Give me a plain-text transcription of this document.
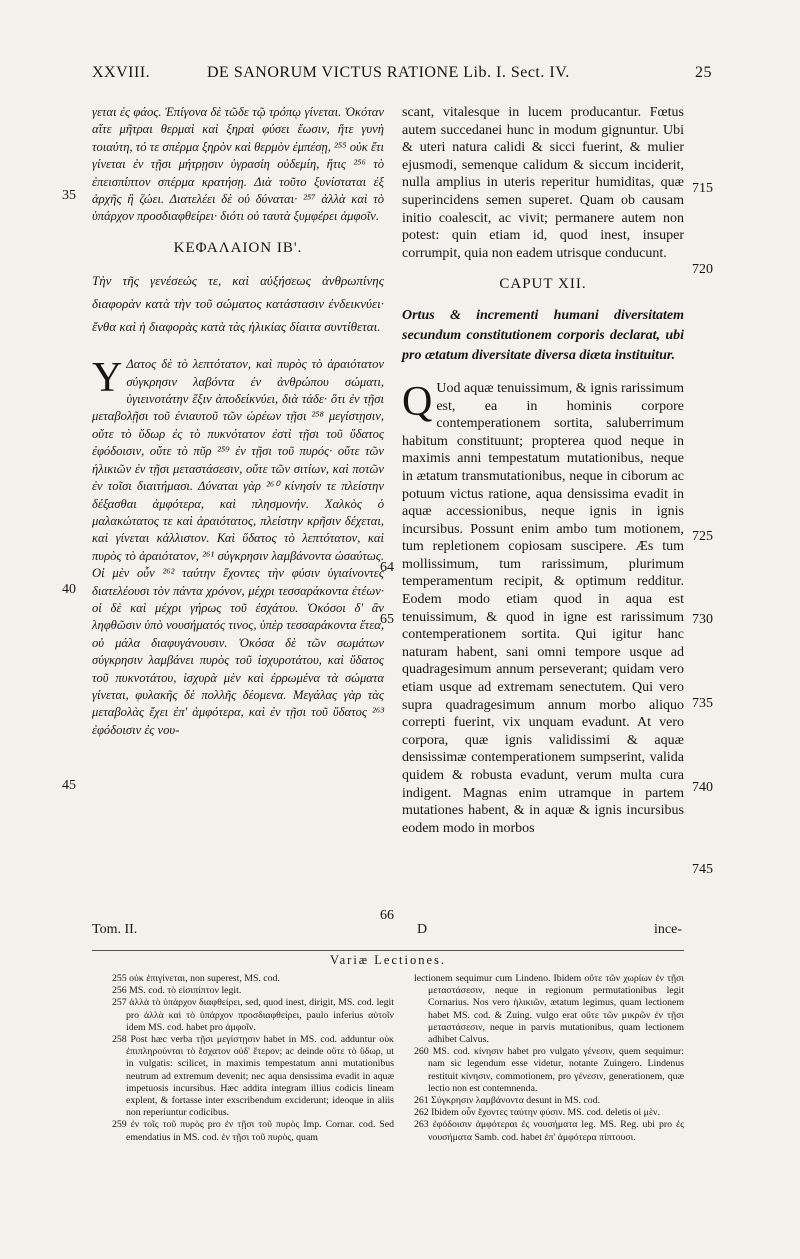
XXVIII.	DE SANORUM VICTUS RATIONE Lib. I. Sect. IV.	25

γεται ἐς φάος. Ἐπίγονα δὲ τῶδε τῷ τρόπῳ γίνεται. Ὁκόταν αἵτε μῆτραι θερμαὶ καὶ ξηραὶ φύσει ἔωσιν, ἥτε γυνὴ τοιαύτη, τό τε σπέρμα ξηρὸν καὶ θερμὸν ἐμπέσῃ, ²⁵⁵ οὐκ ἔτι γίνεται ἐν τῇσι μήτρῃσιν ὑγρασίη οὐδεμίη, ἥτις ²⁵⁶ τὸ ἐπεισπίπτον σπέρμα κρατήσῃ. Διὰ τοῦτο ξυνίσταται ἐξ ἀρχῆς ἢ ζώει. Διατελέει δὲ οὐ δύναται· ²⁵⁷ ἀλλὰ καὶ τὸ ὑπάρχον προσδιαφθείρει· διότι οὐ ταυτὰ ξυμφέρει ἀμφοῖν.

ΚΕΦΑΛΑΙΟΝ ΙΒ'.

Τὴν τῆς γενέσεώς τε, καὶ αὐξήσεως ἀνθρωπίνης διαφορὰν κατὰ τὴν τοῦ σώματος κατάστασιν ἐνδεικνύει· ἔνθα καὶ ἡ διαφορὰς κατὰ τὰς ἡλικίας δίαιτα συντίθεται.

Υ Δατος δὲ τὸ λεπτότατον, καὶ πυρὸς τὸ ἀραιότατον σύγκρησιν λαβόντα ἐν ἀνθρώπου σώματι, ὑγιεινοτάτην ἕξιν ἀποδείκνύει, διὰ τάδε· ὅτι ἐν τῇσι μεταβολῇσι τοῦ ἐνιαυτοῦ τῶν ὡρέων τῇσι ²⁵⁸ μεγίστῃσιν, οὔτε τὸ ὕδωρ ἐς τὸ πυκνότατον ἐστὶ τῇσι τοῦ ὕδατος ἐφόδοισιν, οὔτε τὸ πῦρ ²⁵⁹ ἐν τῇσι τοῦ πυρός· οὔτε τῶν ἡλικιῶν ἐν τῇσι μεταστάσεσιν, οὔτε τῶν σιτίων, καὶ ποτῶν ἐν τοῖσι διαιτήμασι. Δύναται γὰρ ²⁶⁰ κίνησίν τε πλείστην δέξασθαι ἀμφότερα, καὶ πλησμονήν. Χαλκὸς ὁ μαλακώτατος τε καὶ ἀραιότατος, πλείστην κρῆσιν δέχεται, καὶ γίνεται κάλλιστον. Καὶ ὕδατος τὸ λεπτότατον, καὶ πυρὸς τὸ ἀραιότατον, ²⁶¹ σύγκρησιν λαμβάνοντα ὡσαύτως. Οἱ μὲν οὖν ²⁶² ταύτην ἔχοντες τὴν φύσιν ὑγιαίνοντες διατελέουσι τὸν πάντα χρόνον, μέχρι τεσσαράκοντα ἐτέων· οἱ δὲ καὶ μέχρι γήρως τοῦ ἐσχάτου. Ὁκόσοι δ' ἂν ληφθῶσιν ὑπὸ νουσήματός τινος, ὑπὲρ τεσσαράκοντα ἔτεα, οὐ μάλα διαφυγάνουσιν. Ὁκόσα δὲ τῶν σωμάτων σύγκρησιν λαμβάνει πυρὸς τοῦ ἰσχυροτάτου, καὶ ὕδατος τοῦ πυκνοτάτου, ἰσχυρὰ μὲν καὶ ἐρρωμένα τὰ σώματα γίνεται, φυλακῆς δὲ πολλῆς δέομενα. Μεγάλας γὰρ τὰς μεταβολὰς ἔχει ἐπ' ἀμφότερα, καὶ ἐν τῇσι τοῦ ὕδατος ²⁶³ ἐφόδοισιν ἐς νου-

scant, vitalesque in lucem producantur. Fœtus autem succedanei hunc in modum gignuntur. Ubi & uteri natura calidi & sicci fuerint, & mulier ejusmodi, semenque calidum & siccum inciderit, nulla amplius in uteris reperitur humiditas, quæ superincidens semen superet. Quam ob causam initio coalescit, ac vivit; permanere autem non potest: quin etiam id, quod inest, insuper corrumpit, quia non eadem utrisque conducunt.

CAPUT XII.

Ortus & incrementi humani diversitatem secundum constitutionem corporis declarat, ubi pro ætatum diversitate diversa diæta instituitur.

Q Uod aquæ tenuissimum, & ignis rarissimum est, ea in hominis corpore contemperationem sortita, saluberrimum habitum constituunt; propterea quod neque in maximis anni tempestatum mutationibus, neque in ætatum transmutationibus, neque in ciborum ac potuum victus ratione, aqua densissima evadit in aquæ accessionibus, neque ignis in ignis incursibus. Possunt enim ambo tum motionem, tum repletionem copiosam suscipere. Æs tum mollissimum, tum rarissimum, plurimum temperamentum recipit, & optimum redditur. Eodem modo etiam quod in aqua est tenuissimum, & quod in igne est rarissimum contemperationem sortita. Qui igitur hanc naturam habent, sani omni tempore usque ad quadragesimum annum perseverant; quidam vero etiam usque ad extremam senectutem. Qui vero supra quadragesimum annum morbo aliquo correpti fuerint, vix unquam evadunt. At vero corpora, quæ ignis validissimi & aquæ densissimæ contemperationem sumpserint, valida quidem & robusta evadunt, verum multa cura indigent. Magnas enim utramque in partem mutationes habent, & in aquæ & ignis incursibus eodem modo in morbos

35
40
45
64
65
66
715
720
725
730
735
740
745
Tom. II.	D	ince-
Variæ Lectiones.

255 οὐκ ἐπιγίνεται, non superest, MS. cod.

256 MS. cod. τὸ εἰσιπίπτον legit.

257 ἀλλὰ τὸ ὑπάρχον διαφθείρει, sed, quod inest, dirigit, MS. cod. legit pro ἀλλὰ καὶ τὸ ὑπάρχον προσδιαφθείρει, paulo inferius αὐτοῖν idem MS. cod. habet pro ἀμφοῖν.

258 Post hæc verba τῇσι μεγίστῃσιν habet in MS. cod. adduntur οὐκ ἐπιπληρούνται τὸ ἔσχατον οὐδ' ἔτερον; ac deinde οὔτε τὸ ὕδωρ, ut in vulgatis: scilicet, in maximis tempestatum anni mutationibus neutrum ad extremum devenit; nec aqua densissima evadit in aquæ impetuosis incursibus. Hæc addita integram illius codicis lineam explent, & fortasse inter exscribendum exciderunt; ideoque in aliis non reperiuntur codicibus.

259 ἐν τοῖς τοῦ πυρὸς pro ἐν τῇσι τοῦ πυρὸς Imp. Cornar. cod. Sed emendatius in MS. cod. ἐν τῇσι τοῦ πυρὸς, quam

lectionem sequimur cum Lindeno. Ibidem οὔτε τῶν χωρίων ἐν τῇσι μεταστάσεσιν, neque in regionum permutationibus legit Cornarius. Nos vero ἡλικιῶν, ætatum legimus, quam lectionem habet MS. cod. & Zuing. vulgo erat οὔτε τῶν μικρῶν ἐν τῇσι μεταστάσεσιν, neque in parvis mutationibus, quam lectionem adhibet Calvus.

260 MS. cod. κίνησιν habet pro vulgato γένεσιν, quem sequimur: nam sic legendum esse videtur, notante Zuingero. Lindenus restituit κίνησιν, commotionem, pro γένεσιν, generationem, quæ lectio non est contemnenda.

261 Σύγκρησιν λαμβάνοντα desunt in MS. cod.

262 Ibidem οὖν ἔχοντες ταύτην φύσιν. MS. cod. deletis οἱ μὲν.

263 ἐφόδοισιν ἀμφότεραι ἐς νουσήματα leg. MS. Reg. ubi pro ἐς νουσήματα Samb. cod. habet ἐπ' ἀμφότερα πίπτουσι.
